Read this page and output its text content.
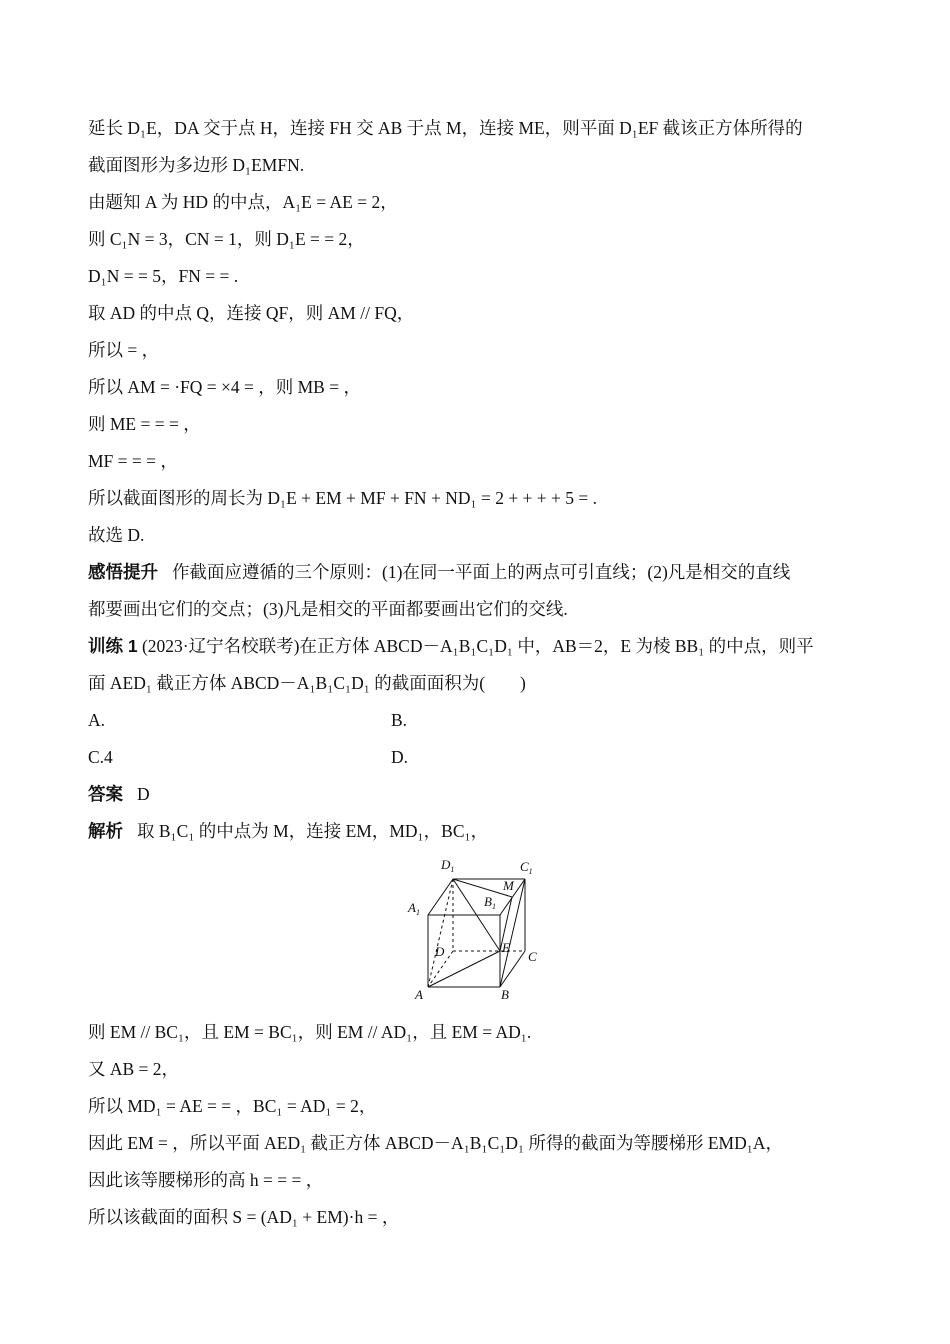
延长 D₁E，DA 交于点 H，连接 FH 交 AB 于点 M，连接 ME，则平面 D₁EF 截该正方体所得的
截面图形为多边形 D₁EMFN.
由题知 A 为 HD 的中点，A₁E = AE = 2，
则 C₁N = 3，CN = 1，则 D₁E = = 2，
D₁N = = 5，FN = = .
取 AD 的中点 Q，连接 QF，则 AM // FQ，
所以 = ，
所以 AM = ·FQ = ×4 = ，则 MB = ，
则 ME = = = ，
MF = = = ，
所以截面图形的周长为 D₁E + EM + MF + FN + ND₁ = 2 + + + + 5 = .
故选 D.
感悟提升 作截面应遵循的三个原则：(1)在同一平面上的两点可引直线；(2)凡是相交的直线
都要画出它们的交点；(3)凡是相交的平面都要画出它们的交线.
训练 1 (2023·辽宁名校联考)在正方体 ABCD－A₁B₁C₁D₁ 中，AB＝2，E 为棱 BB₁ 的中点，则平
面 AED₁ 截正方体 ABCD－A₁B₁C₁D₁ 的截面面积为(　　)
A.	B.
C.4	D.
答案 D
解析 取 B₁C₁ 的中点为 M，连接 EM，MD₁，BC₁，
$D_1$	$C_1$
$A_1$
$B_1$
M
E
D	C
A	B
则 EM // BC₁，且 EM = BC₁，则 EM // AD₁，且 EM = AD₁.
又 AB = 2，
所以 MD₁ = AE = = ，BC₁ = AD₁ = 2，
因此 EM = ，所以平面 AED₁ 截正方体 ABCD－A₁B₁C₁D₁ 所得的截面为等腰梯形 EMD₁A，
因此该等腰梯形的高 h = = = ，
所以该截面的面积 S = (AD₁ + EM)·h = ，
